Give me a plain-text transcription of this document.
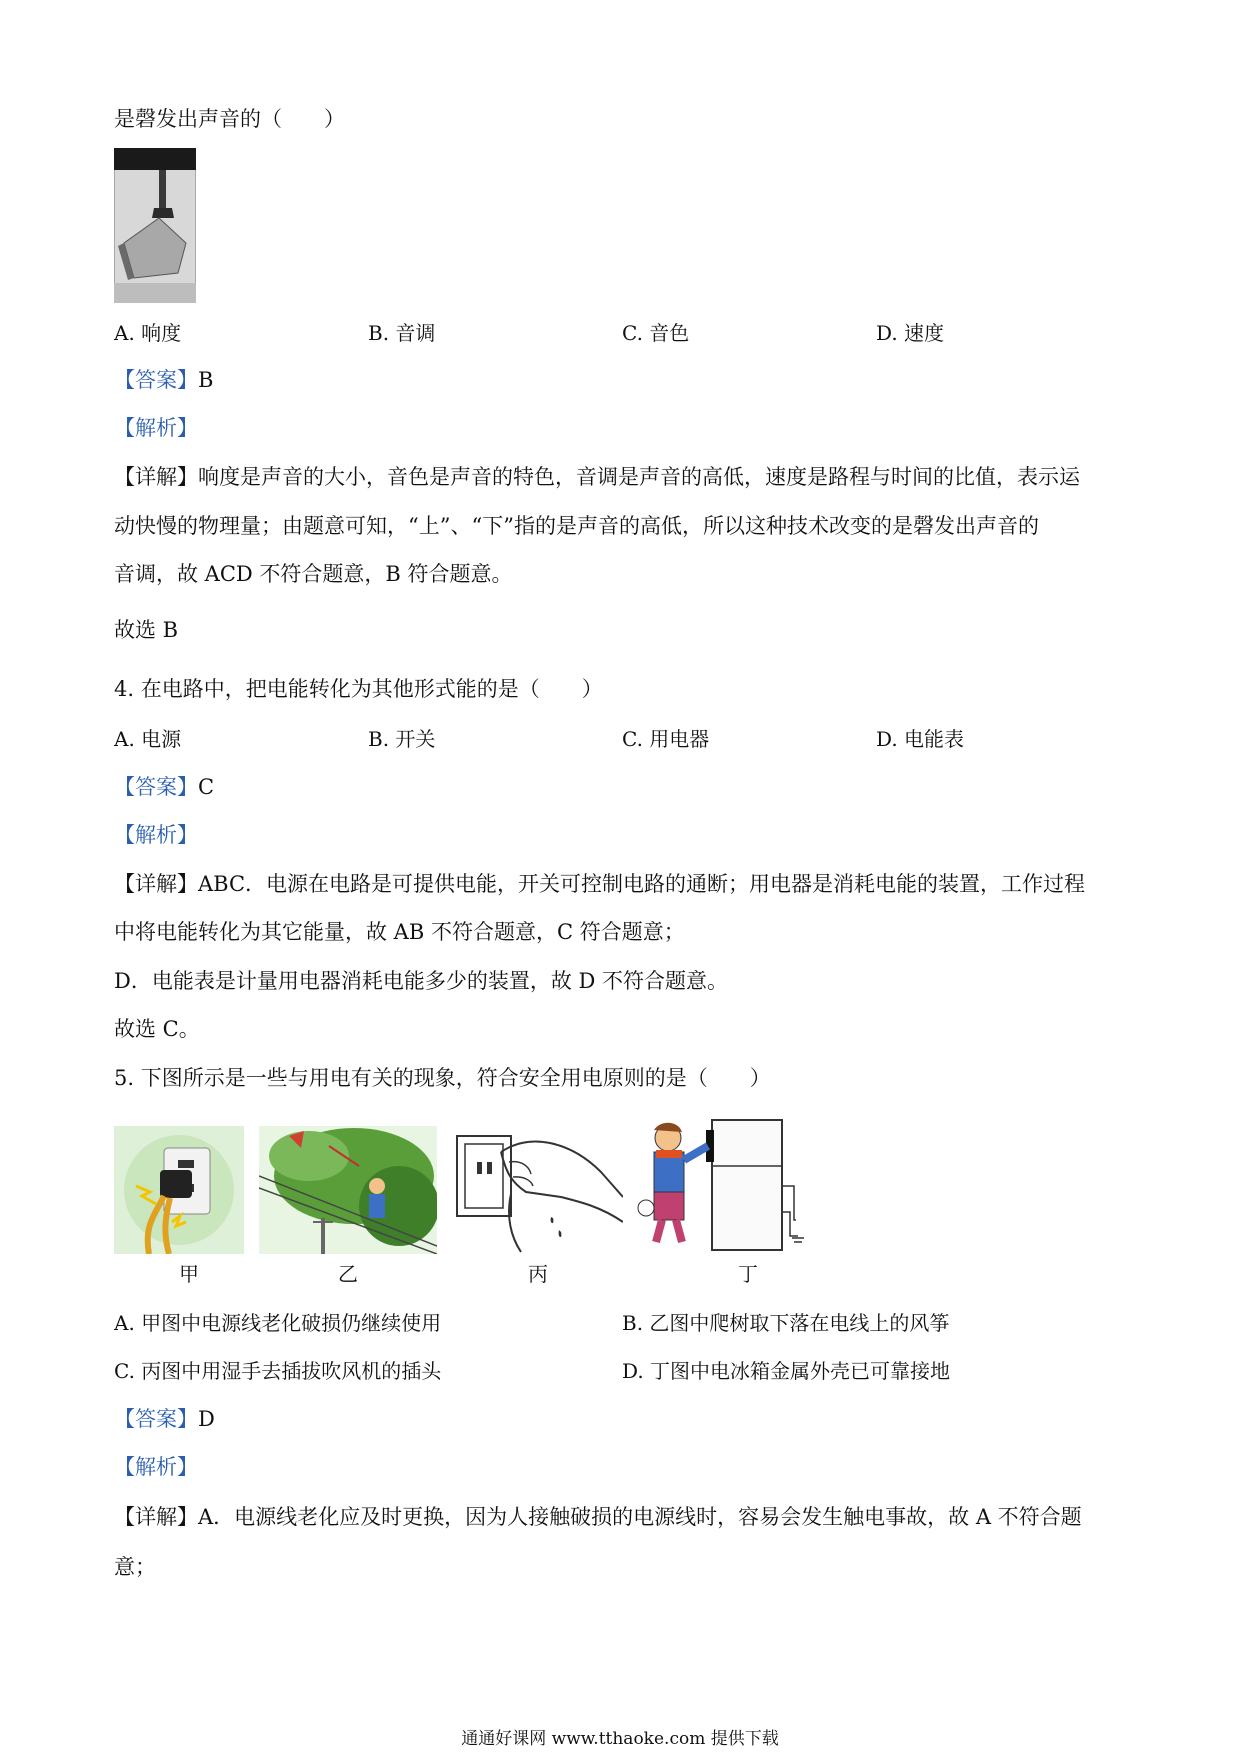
是磬发出声音的（　　）
A. 响度	B. 音调	C. 音色	D. 速度
【答案】B
【解析】
【详解】响度是声音的大小，音色是声音的特色，音调是声音的高低，速度是路程与时间的比值，表示运
动快慢的物理量；由题意可知，“上”、“下”指的是声音的高低，所以这种技术改变的是磬发出声音的
音调，故 ACD 不符合题意，B 符合题意。
故选 B
4. 在电路中，把电能转化为其他形式能的是（　　）
A. 电源	B. 开关	C. 用电器	D. 电能表
【答案】C
【解析】
【详解】ABC．电源在电路是可提供电能，开关可控制电路的通断；用电器是消耗电能的装置，工作过程
中将电能转化为其它能量，故 AB 不符合题意，C 符合题意；
D．电能表是计量用电器消耗电能多少的装置，故 D 不符合题意。
故选 C。
5. 下图所示是一些与用电有关的现象，符合安全用电原则的是（　　）
甲	乙	丙	丁
A. 甲图中电源线老化破损仍继续使用	B. 乙图中爬树取下落在电线上的风筝
C. 丙图中用湿手去插拔吹风机的插头	D. 丁图中电冰箱金属外壳已可靠接地
【答案】D
【解析】
【详解】A．电源线老化应及时更换，因为人接触破损的电源线时，容易会发生触电事故，故 A 不符合题
意；
通通好课网 www.tthaoke.com 提供下载
